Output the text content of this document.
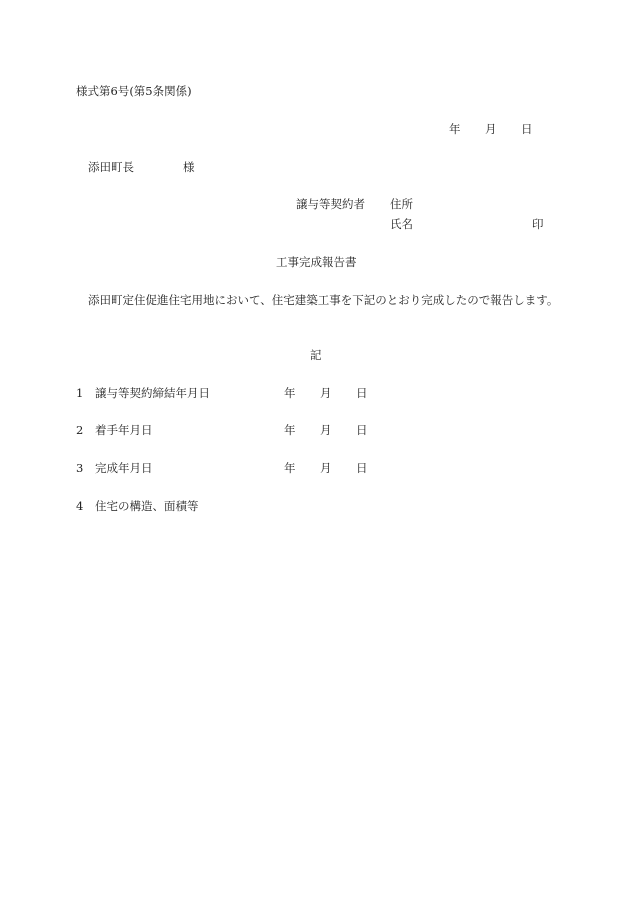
様式第6号(第5条関係)
年 月 日
添田町長	様
譲与等契約者 住所
氏名	印
工事完成報告書
添田町定住促進住宅用地において、住宅建築工事を下記のとおり完成したので報告します。
記
1 譲与等契約締結年月日	年 月 日
2 着手年月日	年 月 日
3 完成年月日	年 月 日
4 住宅の構造、面積等
